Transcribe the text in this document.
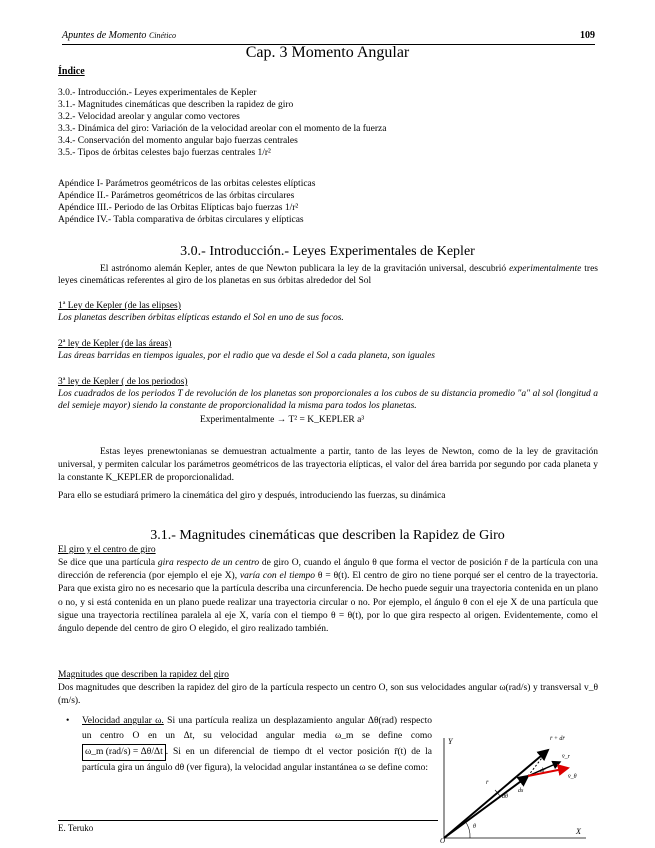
Apuntes de Momento Cinético	109
Cap. 3 Momento Angular
Índice
3.0.- Introducción.- Leyes experimentales de Kepler
3.1.- Magnitudes cinemáticas que describen la rapidez de giro
3.2.- Velocidad areolar y angular como vectores
3.3.- Dinámica del giro: Variación de la velocidad areolar con el momento de la fuerza
3.4.- Conservación del momento angular bajo fuerzas centrales
3.5.- Tipos de órbitas celestes bajo fuerzas centrales 1/r²
Apéndice I- Parámetros geométricos de las orbitas celestes elípticas
Apéndice II.- Parámetros geométricos de las órbitas circulares
Apéndice III.- Periodo de las Orbitas Elípticas bajo fuerzas 1/r²
Apéndice IV.- Tabla comparativa de órbitas circulares y elípticas
3.0.- Introducción.- Leyes Experimentales de Kepler
El astrónomo alemán Kepler, antes de que Newton publicara la ley de la gravitación universal, descubrió experimentalmente tres leyes cinemáticas referentes al giro de los planetas en sus órbitas alrededor del Sol
1ª Ley de Kepler (de las elipses)
Los planetas describen órbitas elípticas estando el Sol en uno de sus focos.
2ª ley de Kepler (de las áreas)
Las áreas barridas en tiempos iguales, por el radio que va desde el Sol a cada planeta, son iguales
3ª ley de Kepler ( de los periodos)
Los cuadrados de los periodos T de revolución de los planetas son proporcionales a los cubos de su distancia promedio "a" al sol (longitud a del semieje mayor) siendo la constante de proporcionalidad la misma para todos los planetas.
Experimentalmente → T² = K_KEPLER a³
Estas leyes prenewtonianas se demuestran actualmente a partir, tanto de las leyes de Newton, como de la ley de gravitación universal, y permiten calcular los parámetros geométricos de las trayectoria elípticas, el valor del área barrida por segundo por cada planeta y la constante K_KEPLER de proporcionalidad.
Para ello se estudiará primero la cinemática del giro y después, introduciendo las fuerzas, su dinámica
3.1.- Magnitudes cinemáticas que describen la Rapidez de Giro
El giro y el centro de giro
Se dice que una partícula gira respecto de un centro de giro O, cuando el ángulo θ que forma el vector de posición r̄ de la partícula con una dirección de referencia (por ejemplo el eje X), varía con el tiempo θ = θ(t). El centro de giro no tiene porqué ser el centro de la trayectoria. Para que exista giro no es necesario que la partícula describa una circunferencia. De hecho puede seguir una trayectoria contenida en un plano o no, y si está contenida en un plano puede realizar una trayectoria circular o no. Por ejemplo, el ángulo θ con el eje X de una partícula que sigue una trayectoria rectilínea paralela al eje X, varía con el tiempo θ = θ(t), por lo que gira respecto al origen. Evidentemente, como el ángulo depende del centro de giro O elegido, el giro realizado también.
Magnitudes que describen la rapidez del giro
Dos magnitudes que describen la rapidez del giro de la partícula respecto un centro O, son sus velocidades angular ω(rad/s) y transversal v_θ (m/s).
• Velocidad angular ω. Si una partícula realiza un desplazamiento angular Δθ(rad) respecto un centro O en un Δt, su velocidad angular media ω_m se define como ω_m (rad/s) = Δθ/Δt . Si en un diferencial de tiempo dt el vector posición r̄(t) de la partícula gira un ángulo dθ (ver figura), la velocidad angular instantánea ω se define como:
Y
X
O
r̄ + dr̄
r̄
dθ
θ
v̄_r
v̄_θ
dr̄
ds
E. Teruko
